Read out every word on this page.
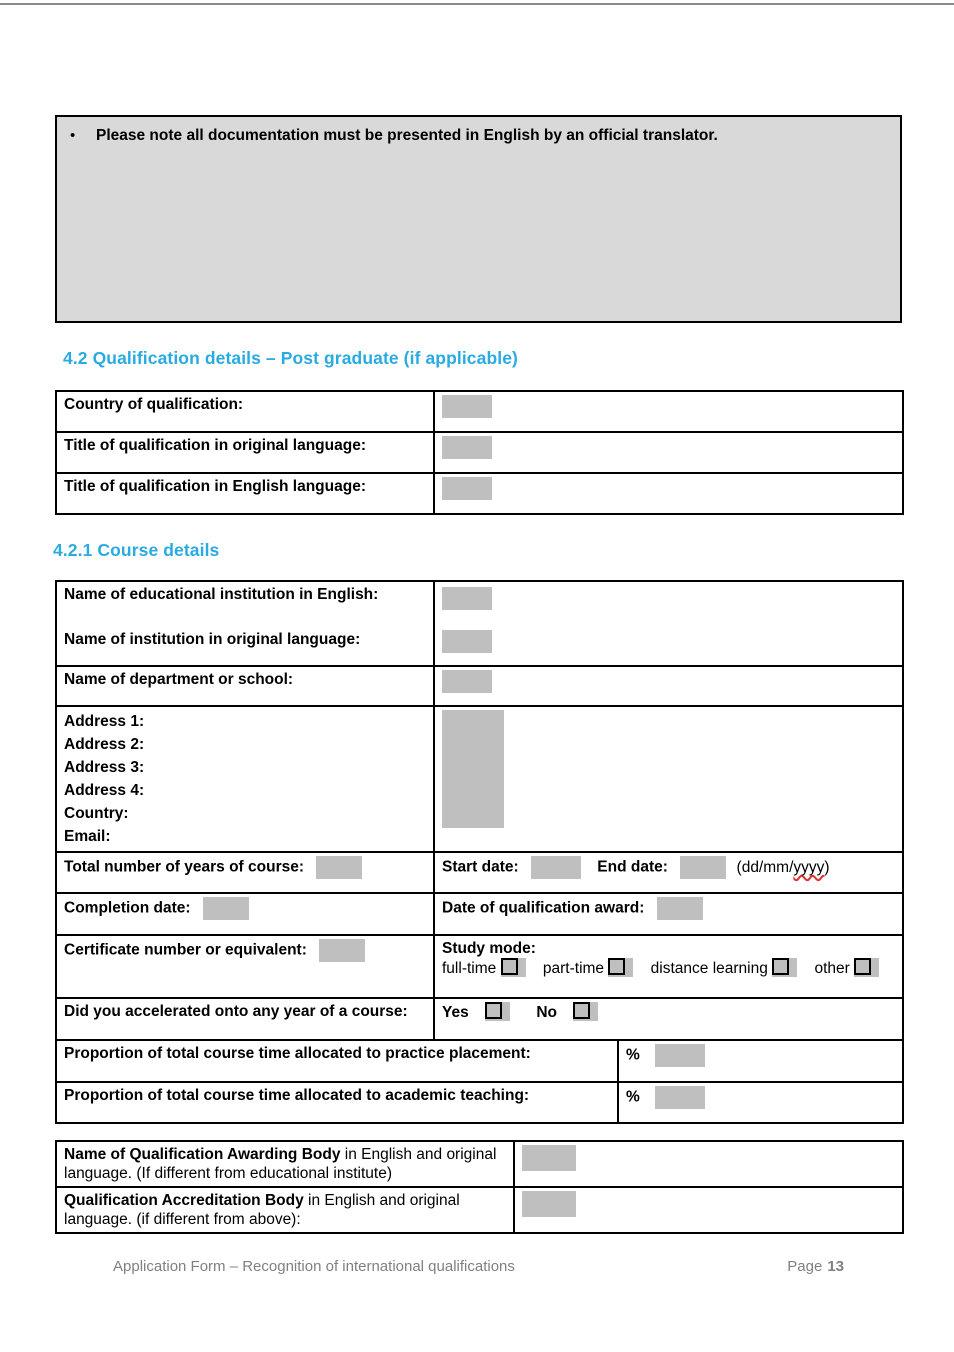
•	Please note all documentation must be presented in English by an official translator.
4.2 Qualification details – Post graduate (if applicable)
Country of qualification:	
Title of qualification in original language:	
Title of qualification in English language:	
4.2.1 Course details
Name of educational institution in English:
Name of institution in original language:		

Name of department or school:		

Address 1:
Address 2:
Address 3:
Address 4:
Country:
Email:

Total number of years of course:	Start date: End date: (dd/mm/yyyy)	
Completion date:	Date of qualification award:	
Certificate number or equivalent:	Study mode:
full-time part-time distance learning other	

Did you accelerated onto any year of a course:	Yes No	

Proportion of total course time allocated to practice placement:		%
Proportion of total course time allocated to academic teaching:		%
Name of Qualification Awarding Body in English and original language. (If different from educational institute)	
Qualification Accreditation Body in English and original language. (if different from above):	
Application Form – Recognition of international qualifications	Page 13
